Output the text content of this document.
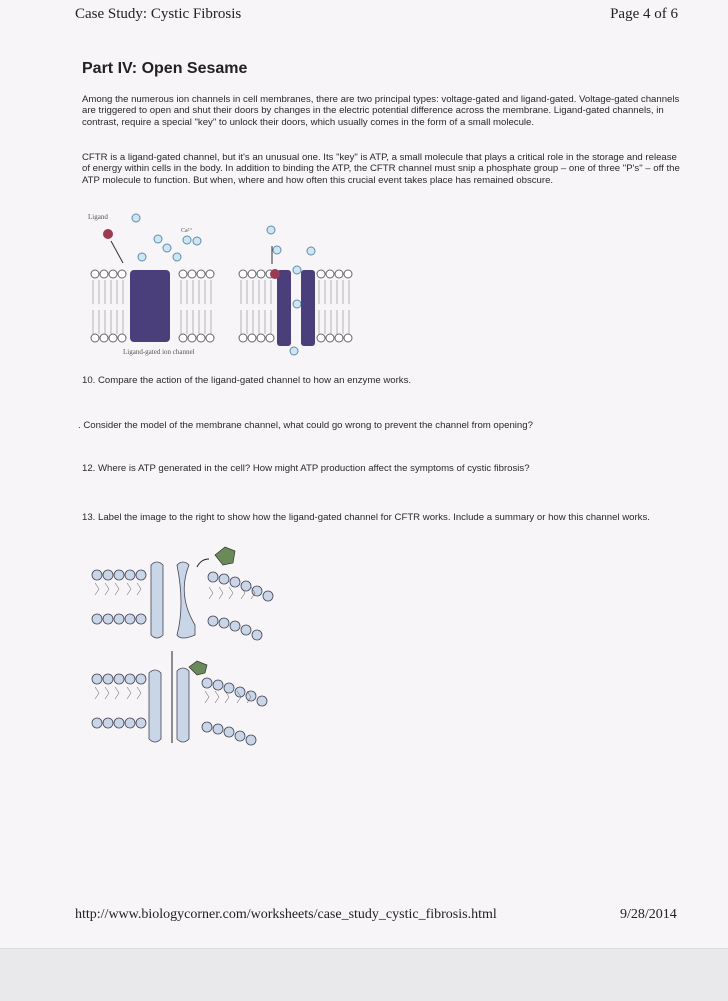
Case Study: Cystic Fibrosis	Page 4 of 6
Part IV: Open Sesame

Among the numerous ion channels in cell membranes, there are two principal types: voltage-gated and ligand-gated. Voltage-gated channels are triggered to open and shut their doors by changes in the electric potential difference across the membrane. Ligand-gated channels, in contrast, require a special "key" to unlock their doors, which usually comes in the form of a small molecule.

CFTR is a ligand-gated channel, but it's an unusual one. Its "key" is ATP, a small molecule that plays a critical role in the storage and release of energy within cells in the body. In addition to binding the ATP, the CFTR channel must snip a phosphate group – one of three "P's" – off the ATP molecule to function. But when, where and how often this crucial event takes place has remained obscure.

Ligand
Ca²⁺
Ligand-gated ion channel
10. Compare the action of the ligand-gated channel to how an enzyme works.
. Consider the model of the membrane channel, what could go wrong to prevent the channel from opening?
12. Where is ATP generated in the cell? How might ATP production affect the symptoms of cystic fibrosis?
13. Label the image to the right to show how the ligand-gated channel for CFTR works. Include a summary or how this channel works.
http://www.biologycorner.com/worksheets/case_study_cystic_fibrosis.html	9/28/2014
